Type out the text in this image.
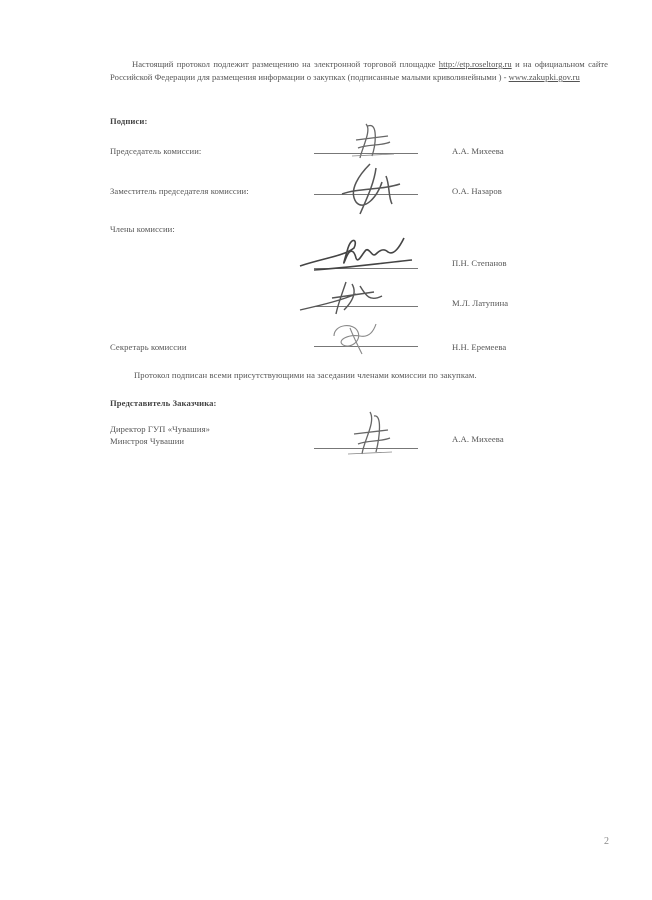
Настоящий протокол подлежит размещению на электронной торговой площадке http://etp.roseltorg.ru и на официальном сайте Российской Федерации для размещения информации о закупках (подписанные малыми криволинейными ) - www.zakupki.gov.ru
Подписи:
Председатель комиссии:	А.А. Михеева
Заместитель председателя комиссии:	О.А. Назаров
Члены комиссии:
П.Н. Степанов
М.Л. Латупина
Секретарь комиссии	Н.Н. Еремеева
Протокол подписан всеми присутствующими на заседании членами комиссии по закупкам.
Представитель Заказчика:
Директор ГУП «Чувашия»
Минстроя Чувашии	А.А. Михеева
2
